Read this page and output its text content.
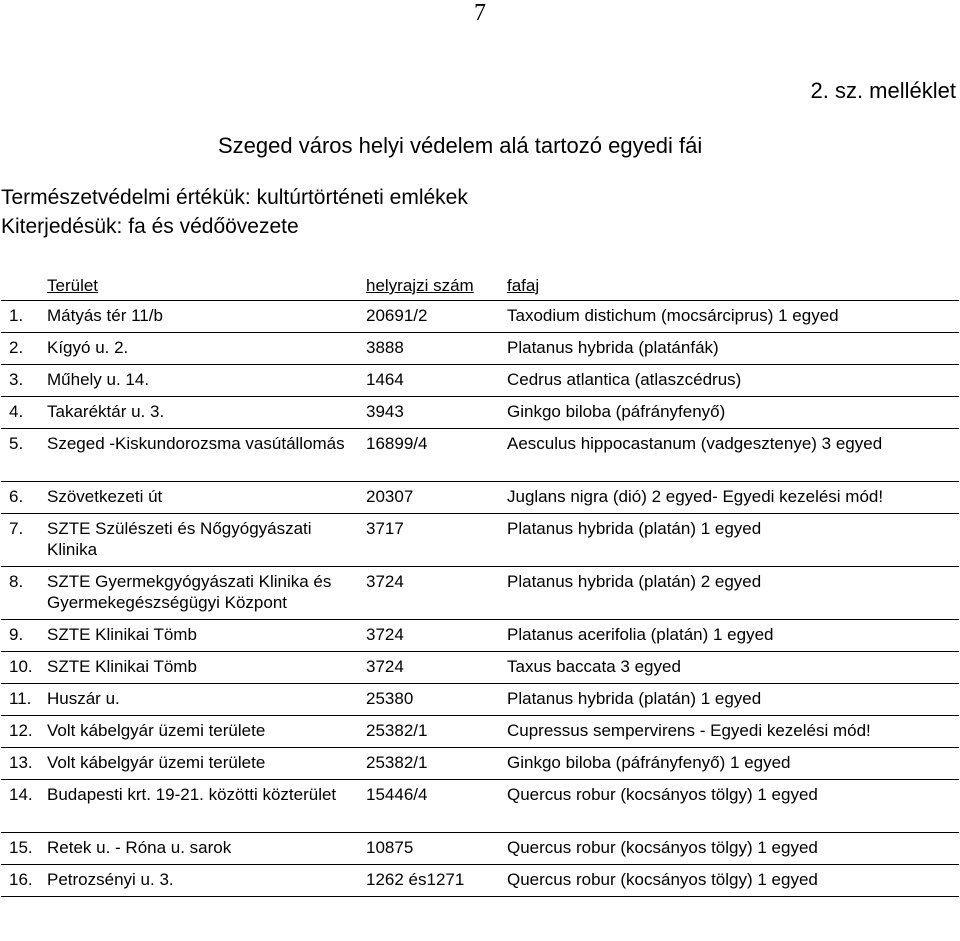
7
2. sz. melléklet
Szeged város helyi védelem alá tartozó egyedi fái
Természetvédelmi értékük: kultúrtörténeti emlékek
Kiterjedésük: fa és védőövezete
	Terület	helyrajzi szám	fafaj
1.	Mátyás tér 11/b	20691/2	Taxodium distichum (mocsárciprus) 1 egyed
2.	Kígyó u. 2.	3888	Platanus hybrida (platánfák)
3.	Műhely u. 14.	1464	Cedrus atlantica (atlaszcédrus)
4.	Takaréktár u. 3.	3943	Ginkgo biloba (páfrányfenyő)
5.	Szeged -Kiskundorozsma vasútállomás	16899/4	Aesculus hippocastanum (vadgesztenye) 3 egyed
6.	Szövetkezeti út	20307	Juglans nigra (dió) 2 egyed- Egyedi kezelési mód!
7.	SZTE Szülészeti és Nőgyógyászati Klinika	3717	Platanus hybrida (platán) 1 egyed
8.	SZTE Gyermekgyógyászati Klinika és Gyermekegészségügyi Központ	3724	Platanus hybrida (platán) 2 egyed
9.	SZTE Klinikai Tömb	3724	Platanus acerifolia (platán) 1 egyed
10.	SZTE Klinikai Tömb	3724	Taxus baccata 3 egyed
11.	Huszár u.	25380	Platanus hybrida (platán) 1 egyed
12.	Volt kábelgyár üzemi területe	25382/1	Cupressus sempervirens - Egyedi kezelési mód!
13.	Volt kábelgyár üzemi területe	25382/1	Ginkgo biloba (páfrányfenyő) 1 egyed
14.	Budapesti krt. 19-21. közötti közterület	15446/4	Quercus robur (kocsányos tölgy) 1 egyed
15.	Retek u. - Róna u. sarok	10875	Quercus robur (kocsányos tölgy) 1 egyed
16.	Petrozsényi u. 3.	1262 és1271	Quercus robur (kocsányos tölgy) 1 egyed
